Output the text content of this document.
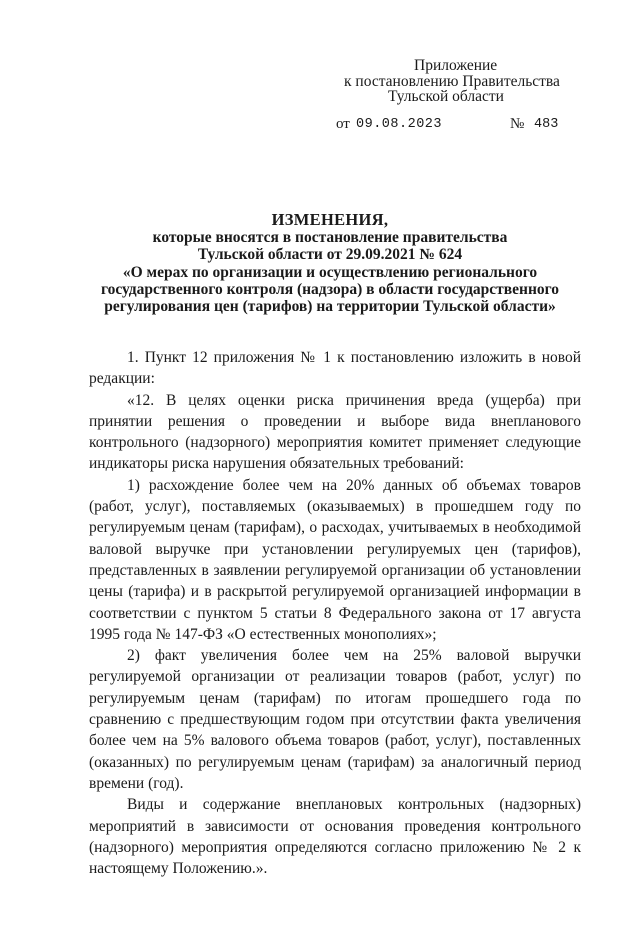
Приложение
к постановлению Правительства
Тульской области
от 09.08.2023	№ 483
ИЗМЕНЕНИЯ,
которые вносятся в постановление правительства
Тульской области от 29.09.2021 № 624
«О мерах по организации и осуществлению регионального
государственного контроля (надзора) в области государственного
регулирования цен (тарифов) на территории Тульской области»

1. Пункт 12 приложения № 1 к постановлению изложить в новой редакции:

«12. В целях оценки риска причинения вреда (ущерба) при принятии решения о проведении и выборе вида внепланового контрольного (надзорного) мероприятия комитет применяет следующие индикаторы риска нарушения обязательных требований:

1) расхождение более чем на 20% данных об объемах товаров (работ, услуг), поставляемых (оказываемых) в прошедшем году по регулируемым ценам (тарифам), о расходах, учитываемых в необходимой валовой выручке при установлении регулируемых цен (тарифов), представленных в заявлении регулируемой организации об установлении цены (тарифа) и в раскрытой регулируемой организацией информации в соответствии с пунктом 5 статьи 8 Федерального закона от 17 августа 1995 года № 147-ФЗ «О естественных монополиях»;

2) факт увеличения более чем на 25% валовой выручки регулируемой организации от реализации товаров (работ, услуг) по регулируемым ценам (тарифам) по итогам прошедшего года по сравнению с предшествующим годом при отсутствии факта увеличения более чем на 5% валового объема товаров (работ, услуг), поставленных (оказанных) по регулируемым ценам (тарифам) за аналогичный период времени (год).

Виды и содержание внеплановых контрольных (надзорных) мероприятий в зависимости от основания проведения контрольного (надзорного) мероприятия определяются согласно приложению № 2 к настоящему Положению.».
